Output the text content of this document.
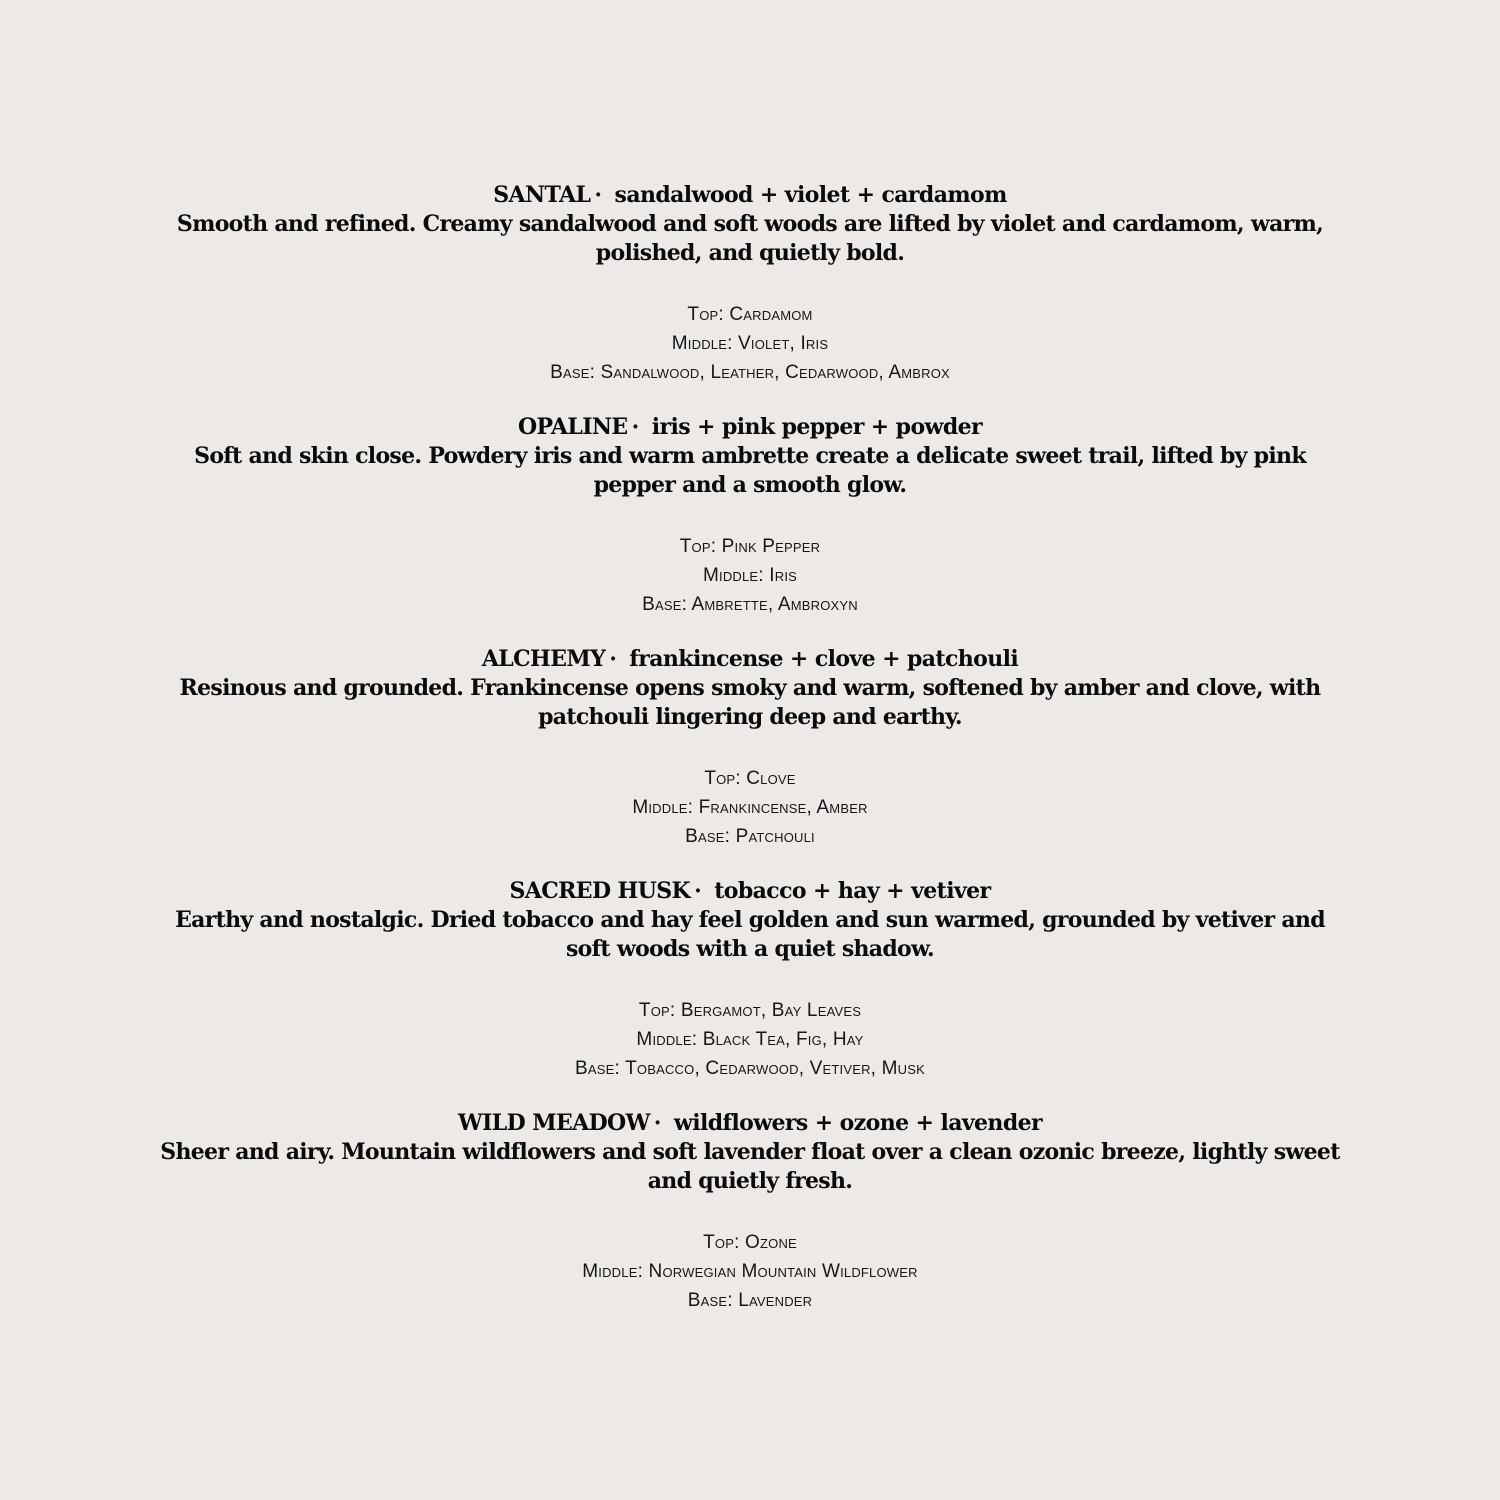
SANTAL · sandalwood + violet + cardamom

Smooth and refined. Creamy sandalwood and soft woods are lifted by violet and cardamom, warm, polished, and quietly bold.

Top: Cardamom

Middle: Violet, Iris

Base: Sandalwood, Leather, Cedarwood, Ambrox

OPALINE · iris + pink pepper + powder

Soft and skin close. Powdery iris and warm ambrette create a delicate sweet trail, lifted by pink pepper and a smooth glow.

Top: Pink Pepper

Middle: Iris

Base: Ambrette, Ambroxyn

ALCHEMY · frankincense + clove + patchouli

Resinous and grounded. Frankincense opens smoky and warm, softened by amber and clove, with patchouli lingering deep and earthy.

Top: Clove

Middle: Frankincense, Amber

Base: Patchouli

SACRED HUSK · tobacco + hay + vetiver

Earthy and nostalgic. Dried tobacco and hay feel golden and sun warmed, grounded by vetiver and soft woods with a quiet shadow.

Top: Bergamot, Bay Leaves

Middle: Black Tea, Fig, Hay

Base: Tobacco, Cedarwood, Vetiver, Musk

WILD MEADOW · wildflowers + ozone + lavender

Sheer and airy. Mountain wildflowers and soft lavender float over a clean ozonic breeze, lightly sweet and quietly fresh.

Top: Ozone

Middle: Norwegian Mountain Wildflower

Base: Lavender
